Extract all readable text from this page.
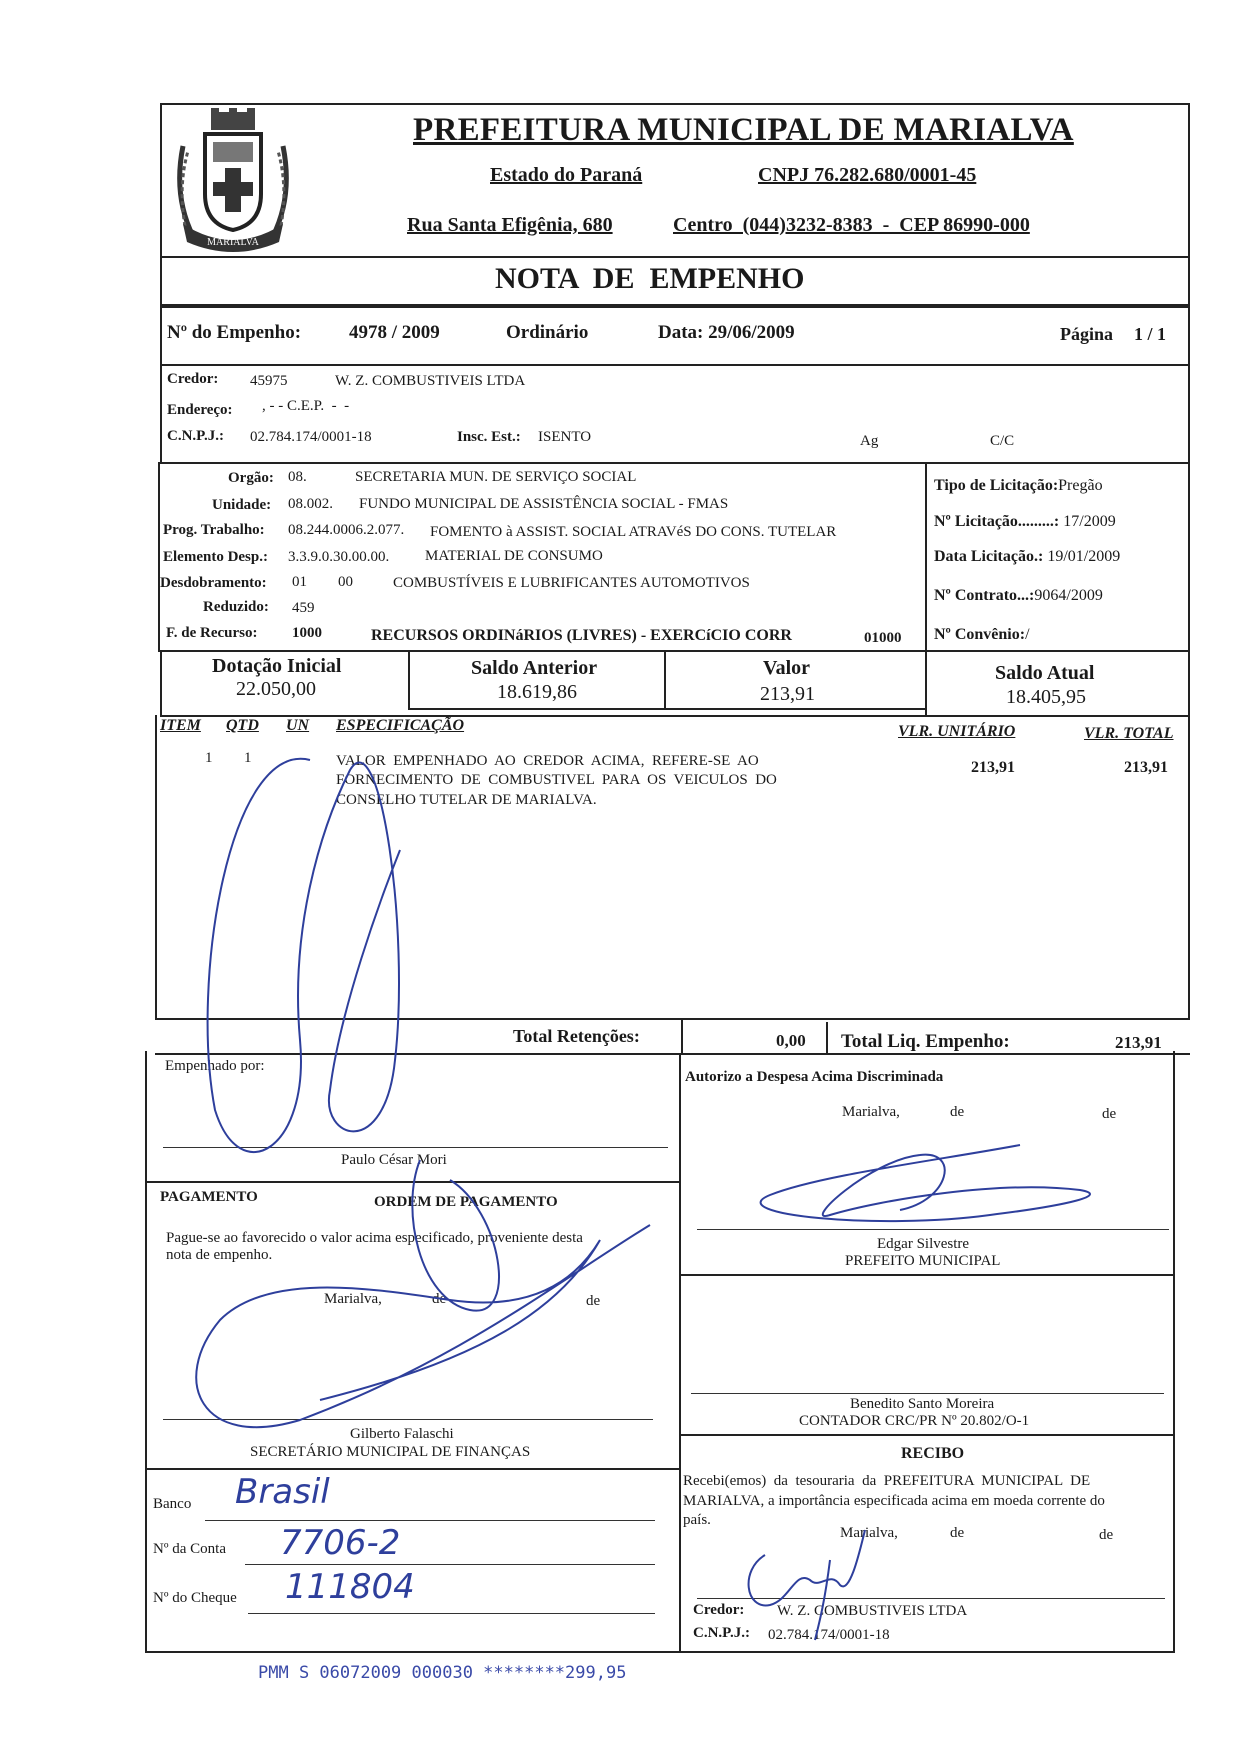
MARIALVA
PREFEITURA MUNICIPAL DE MARIALVA
Estado do Paraná	CNPJ 76.282.680/0001-45
Rua Santa Efigênia, 680	Centro  (044)3232-8383  -  CEP 86990-000
NOTA  DE  EMPENHO
Nº do Empenho:	4978 / 2009	Ordinário	Data: 29/06/2009	Página 1 / 1
Credor: 45975	W. Z. COMBUSTIVEIS LTDA
Endereço: , - - C.E.P.  -  -
C.N.P.J.: 02.784.174/0001-18	Insc. Est.: ISENTO	Ag	C/C
Orgão: 08.	SECRETARIA MUN. DE SERVIÇO SOCIAL
Unidade: 08.002. FUNDO MUNICIPAL DE ASSISTÊNCIA SOCIAL - FMAS
Prog. Trabalho: 08.244.0006.2.077. FOMENTO à ASSIST. SOCIAL ATRAVéS DO CONS. TUTELAR
Elemento Desp.: 3.3.9.0.30.00.00. MATERIAL DE CONSUMO
Desdobramento: 01 00	COMBUSTÍVEIS E LUBRIFICANTES AUTOMOTIVOS
Reduzido: 459
F. de Recurso: 1000	RECURSOS ORDINáRIOS (LIVRES) - EXERCíCIO CORR	01000
Tipo de Licitação:Pregão
Nº Licitação.........: 17/2009
Data Licitação.: 19/01/2009
Nº Contrato...:9064/2009
Nº Convênio:/
Dotação Inicial
22.050,00
Saldo Anterior
18.619,86
Valor
213,91
Saldo Atual
18.405,95
ITEM QTD UN ESPECIFICAÇÃO	VLR. UNITÁRIO	VLR. TOTAL
1 1	VALOR  EMPENHADO  AO  CREDOR  ACIMA,  REFERE-SE  AO
FORNECIMENTO  DE  COMBUSTIVEL  PARA  OS  VEICULOS  DO
CONSELHO TUTELAR DE MARIALVA.
213,91	213,91
Total Retenções:	0,00 Total Liq. Empenho:	213,91
Empenhado por:
Paulo César Mori
Autorizo a Despesa Acima Discriminada
Marialva,	de	de
Edgar Silvestre
PREFEITO MUNICIPAL
PAGAMENTO	ORDEM DE PAGAMENTO
Pague-se ao favorecido o valor acima especificado, proveniente desta
nota de empenho.
Marialva,	de	de
Gilberto Falaschi
SECRETÁRIO MUNICIPAL DE FINANÇAS
Benedito Santo Moreira
CONTADOR CRC/PR Nº 20.802/O-1
RECIBO
Recebi(emos)  da  tesouraria  da  PREFEITURA  MUNICIPAL  DE
MARIALVA, a importância especificada acima em moeda corrente do
país.
Marialva,	de	de
Credor: W. Z. COMBUSTIVEIS LTDA
C.N.P.J.: 02.784.174/0001-18
Banco Brasil
Nº da Conta 7706-2
Nº do Cheque 111804
PMM S 06072009 000030 ********299,95
